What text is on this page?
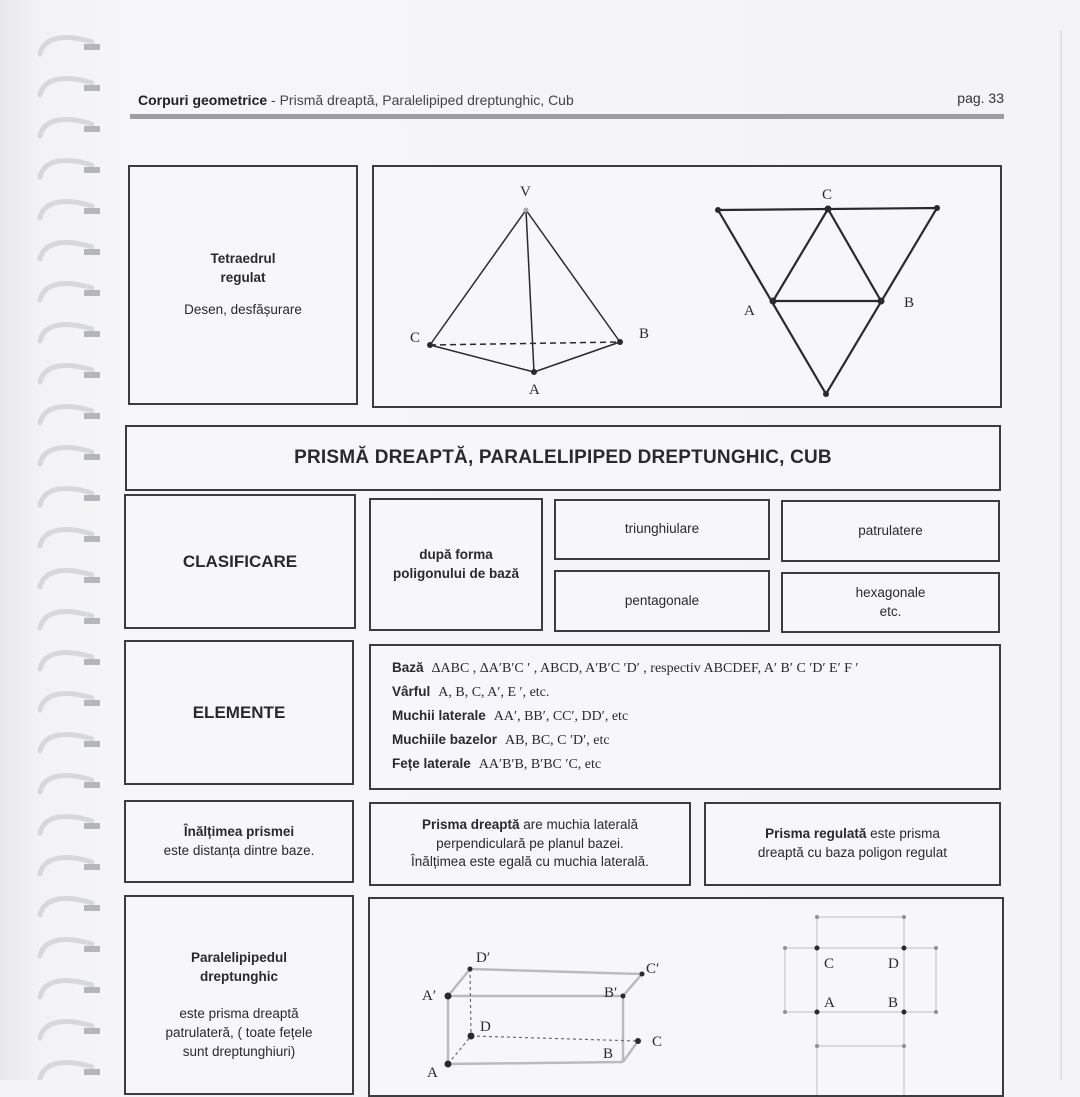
Corpuri geometrice - Prismă dreaptă, Paralelipiped dreptunghic, Cub	pag. 33
Tetraedrul
regulat
Desen, desfășurare
V
C	B
A
C
A	B
PRISMĂ DREAPTĂ, PARALELIPIPED DREPTUNGHIC, CUB
CLASIFICARE	după forma
poligonului de bază
triunghiulare	patrulatere
pentagonale
hexagonale
etc.
ELEMENTE
Bază ΔABC , ΔA′B′C ′ , ABCD, A′B′C ′D′ , respectiv ABCDEF, A′ B′ C ′D′ E′ F ′
Vârful A, B, C, A′, E ′, etc.
Muchii laterale AA′, BB′, CC′, DD′, etc
Muchiile bazelor AB, BC, C ′D′, etc
Fețe laterale AA′B′B, B′BC ′C, etc
Înălțimea prismei
este distanța dintre baze.
Prisma dreaptă are muchia laterală
perpendiculară pe planul bazei.
Înălțimea este egală cu muchia laterală.
Prisma regulată este prisma
dreaptă cu baza poligon regulat
Paralelipipedul
dreptunghic
este prisma dreaptă
patrulateră, ( toate fețele
sunt dreptunghiuri)
D′
C′
A′	B′
D
C
B
A
C	D
A	B
